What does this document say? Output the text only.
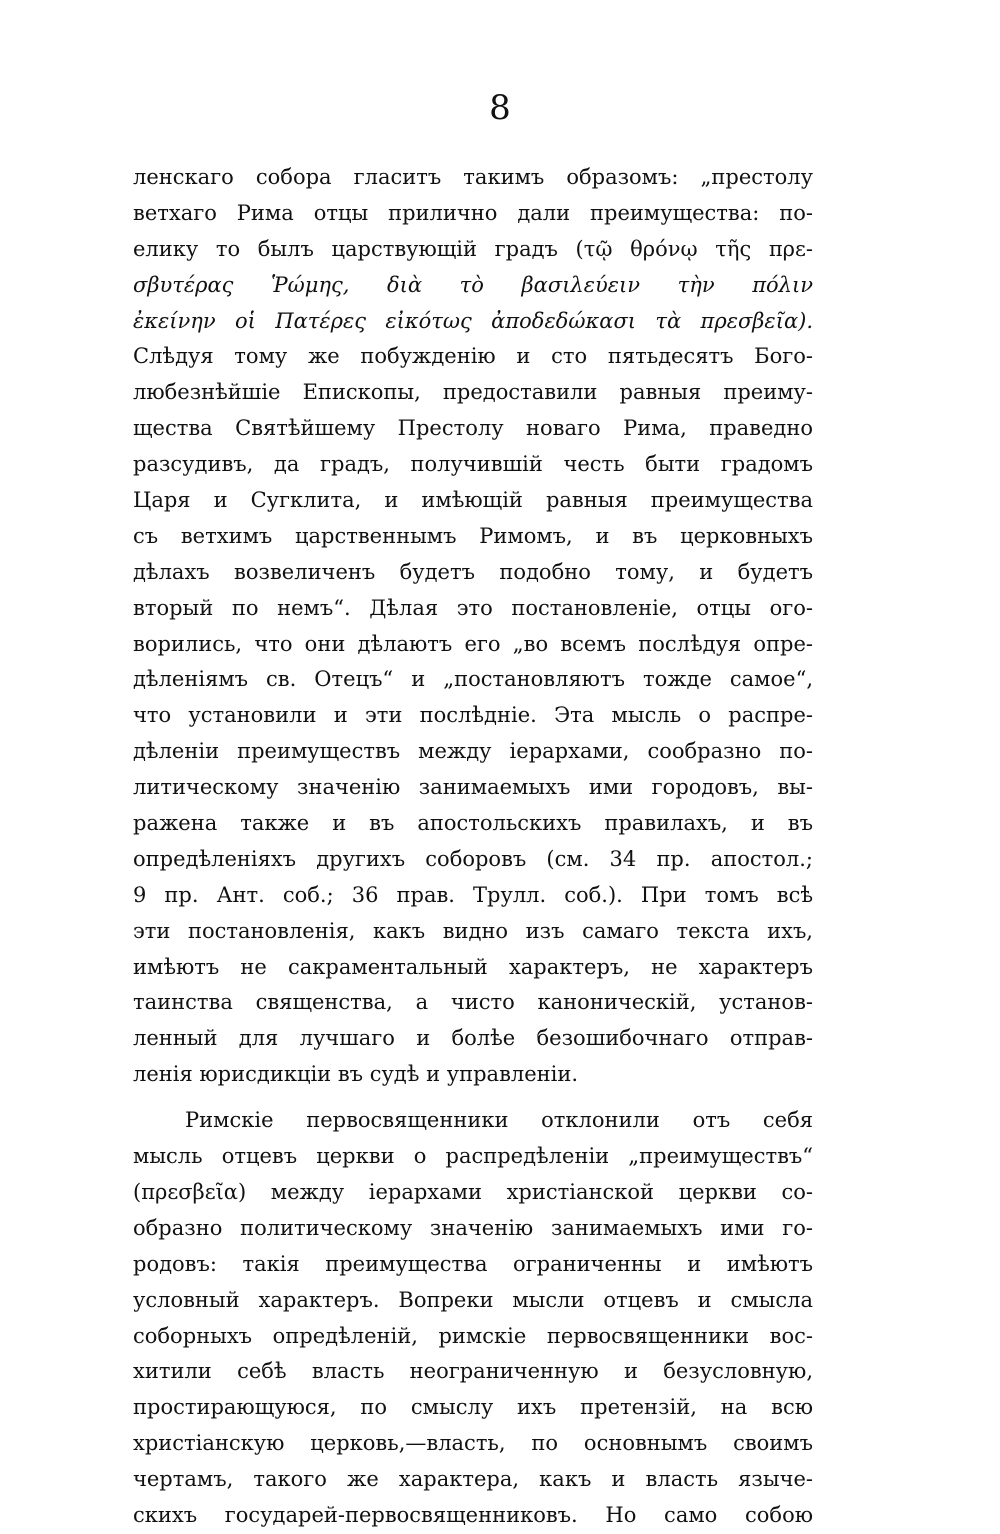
8
ленскаго собора гласитъ такимъ образомъ: „престолу
ветхаго Рима отцы прилично дали преимущества: по-
елику то былъ царствующій градъ (τῷ θρόνῳ τῆς πρε-
σβυτέρας Ῥώμης, διὰ τὸ βασιλεύειν τὴν πόλιν
ἐκείνην οἱ Πατέρες εἰκότως ἀποδεδώκασι τὰ πρεσβεῖα).
Слѣдуя тому же побужденію и сто пятьдесятъ Бого-
любезнѣйшіе Епископы, предоставили равныя преиму-
щества Святѣйшему Престолу новаго Рима, праведно
разсудивъ, да градъ, получившій честь быти градомъ
Царя и Сугклита, и имѣющій равныя преимущества
съ ветхимъ царственнымъ Римомъ, и въ церковныхъ
дѣлахъ возвеличенъ будетъ подобно тому, и будетъ
вторый по немъ“. Дѣлая это постановленіе, отцы ого-
ворились, что они дѣлаютъ его „во всемъ послѣдуя опре-
дѣленіямъ св. Отецъ“ и „постановляютъ тожде самое“,
что установили и эти послѣдніе. Эта мысль о распре-
дѣленіи преимуществъ между іерархами, сообразно по-
литическому значенію занимаемыхъ ими городовъ, вы-
ражена также и въ апостольскихъ правилахъ, и въ
опредѣленіяхъ другихъ соборовъ (см. 34 пр. апостол.;
9 пр. Ант. соб.; 36 прав. Трулл. соб.). При томъ всѣ
эти постановленія, какъ видно изъ самаго текста ихъ,
имѣютъ не сакраментальный характеръ, не характеръ
таинства священства, а чисто каноническій, установ-
ленный для лучшаго и болѣе безошибочнаго отправ-
ленія юрисдикціи въ судѣ и управленіи.
Римскіе первосвященники отклонили отъ себя
мысль отцевъ церкви о распредѣленіи „преимуществъ“
(πρεσβεῖα) между іерархами христіанской церкви со-
образно политическому значенію занимаемыхъ ими го-
родовъ: такія преимущества ограниченны и имѣютъ
условный характеръ. Вопреки мысли отцевъ и смысла
соборныхъ опредѣленій, римскіе первосвященники вос-
хитили себѣ власть неограниченную и безусловную,
простирающуюся, по смыслу ихъ претензій, на всю
христіанскую церковь,—власть, по основнымъ своимъ
чертамъ, такого же характера, какъ и власть языче-
скихъ государей-первосвященниковъ. Но само собою
